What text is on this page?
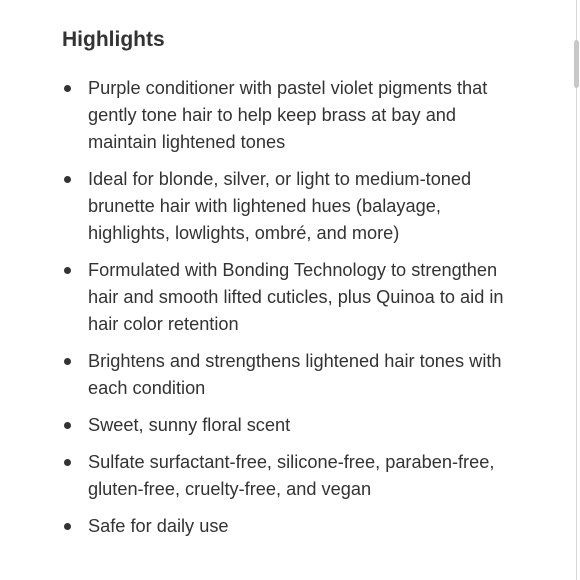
Highlights
Purple conditioner with pastel violet pigments that gently tone hair to help keep brass at bay and maintain lightened tones
Ideal for blonde, silver, or light to medium-toned brunette hair with lightened hues (balayage, highlights, lowlights, ombré, and more)
Formulated with Bonding Technology to strengthen hair and smooth lifted cuticles, plus Quinoa to aid in hair color retention
Brightens and strengthens lightened hair tones with each condition
Sweet, sunny floral scent
Sulfate surfactant-free, silicone-free, paraben-free, gluten-free, cruelty-free, and vegan
Safe for daily use
